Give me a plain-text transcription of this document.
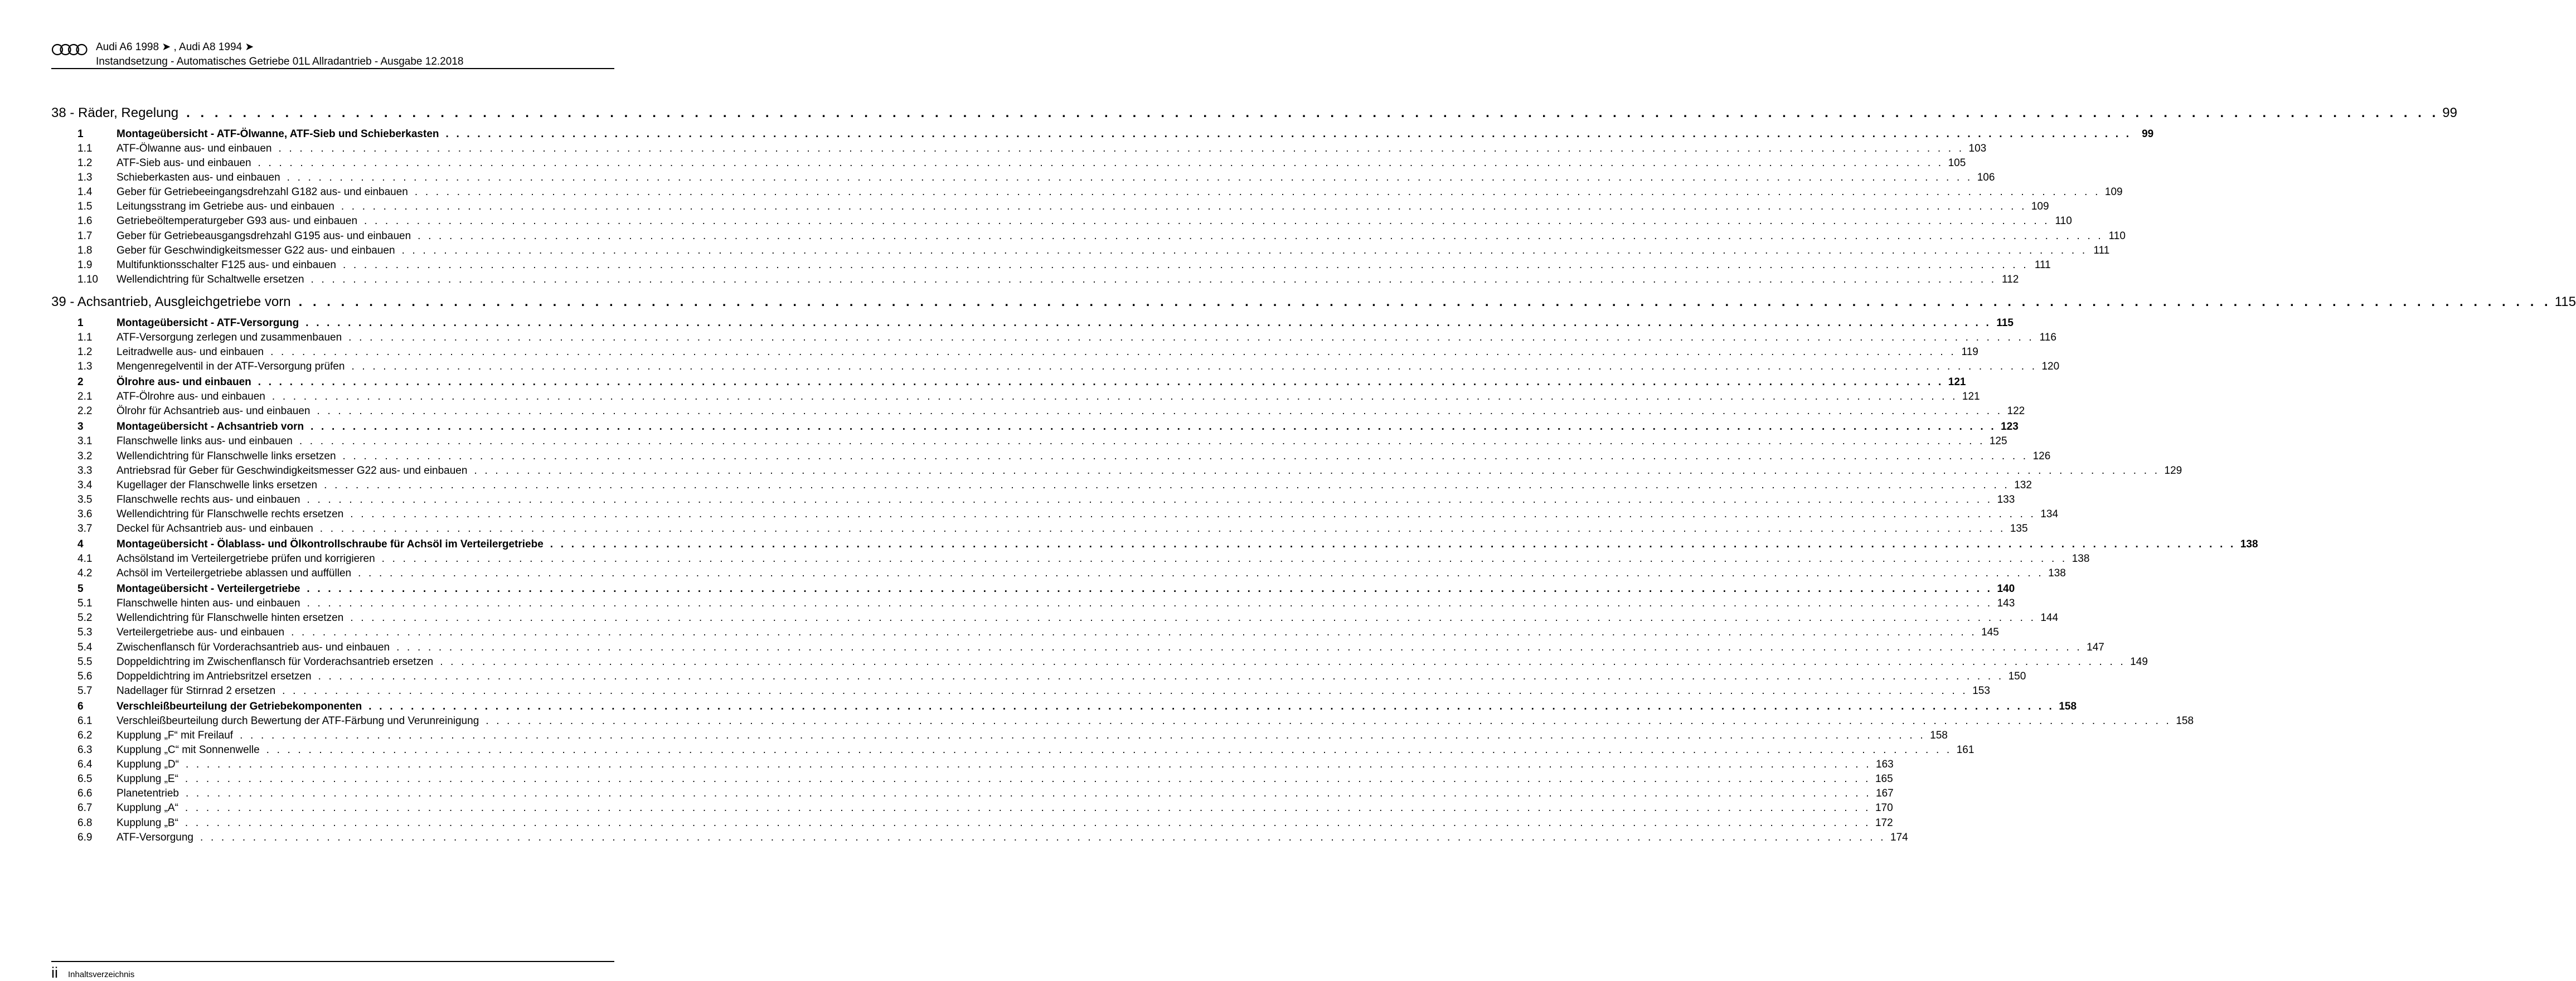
Audi A6 1998 ➤ , Audi A8 1994 ➤
Instandsetzung - Automatisches Getriebe 01L Allradantrieb - Ausgabe 12.2018
38 - Räder, Regelung . . . . . . . . . . . . . . . . . . . . . . . . . . . . . . . . . . . . . . . . . . . . . . . . . . . . . . . . . . . . . . . . . . . . . . . . . . . . . . . . . . . . . . . . . . . . . . . . . . . . . . . . . . . . . . . . . . . . . . . . . . . . . . . . . . . . . . . . . . . . . . . . . . . . . . . . . . . . . . . . 99
1	Montageübersicht - ATF-Ölwanne, ATF-Sieb und Schieberkasten . . . . . . . . . . . . . . . . . . . . . . . . . . . . . . . . . . . . . . . . . . . . . . . . . . . . . . . . . . . . . . . . . . . . . . . . . . . . . . . . . . . . . . . . . . . . . . . . . . . . . . . . . . . . . . . . . . . . . . . . . . . . . . . . . . . . . . . . . . . . . . . . . . . . . . . . . . . . . . . . 99
1.1 ATF-Ölwanne aus- und einbauen . . . . . . . . . . . . . . . . . . . . . . . . . . . . . . . . . . . . . . . . . . . . . . . . . . . . . . . . . . . . . . . . . . . . . . . . . . . . . . . . . . . . . . . . . . . . . . . . . . . . . . . . . . . . . . . . . . . . . . . . . . . . . . . . . . . . . . . . . . . . . . . . . . . . . . . . . . . . . . . . 103
1.2 ATF-Sieb aus- und einbauen . . . . . . . . . . . . . . . . . . . . . . . . . . . . . . . . . . . . . . . . . . . . . . . . . . . . . . . . . . . . . . . . . . . . . . . . . . . . . . . . . . . . . . . . . . . . . . . . . . . . . . . . . . . . . . . . . . . . . . . . . . . . . . . . . . . . . . . . . . . . . . . . . . . . . . . . . . . . . . . . 105
1.3 Schieberkasten aus- und einbauen . . . . . . . . . . . . . . . . . . . . . . . . . . . . . . . . . . . . . . . . . . . . . . . . . . . . . . . . . . . . . . . . . . . . . . . . . . . . . . . . . . . . . . . . . . . . . . . . . . . . . . . . . . . . . . . . . . . . . . . . . . . . . . . . . . . . . . . . . . . . . . . . . . . . . . . . . . . . . . . . 106
1.4 Geber für Getriebeeingangsdrehzahl G182 aus- und einbauen . . . . . . . . . . . . . . . . . . . . . . . . . . . . . . . . . . . . . . . . . . . . . . . . . . . . . . . . . . . . . . . . . . . . . . . . . . . . . . . . . . . . . . . . . . . . . . . . . . . . . . . . . . . . . . . . . . . . . . . . . . . . . . . . . . . . . . . . . . . . . . . . . . . . . . . . . . . . . . . . 109
1.5 Leitungsstrang im Getriebe aus- und einbauen . . . . . . . . . . . . . . . . . . . . . . . . . . . . . . . . . . . . . . . . . . . . . . . . . . . . . . . . . . . . . . . . . . . . . . . . . . . . . . . . . . . . . . . . . . . . . . . . . . . . . . . . . . . . . . . . . . . . . . . . . . . . . . . . . . . . . . . . . . . . . . . . . . . . . . . . . . . . . . . . 109
1.6 Getriebeöltemperaturgeber G93 aus- und einbauen . . . . . . . . . . . . . . . . . . . . . . . . . . . . . . . . . . . . . . . . . . . . . . . . . . . . . . . . . . . . . . . . . . . . . . . . . . . . . . . . . . . . . . . . . . . . . . . . . . . . . . . . . . . . . . . . . . . . . . . . . . . . . . . . . . . . . . . . . . . . . . . . . . . . . . . . . . . . . . . . 110
1.7 Geber für Getriebeausgangsdrehzahl G195 aus- und einbauen . . . . . . . . . . . . . . . . . . . . . . . . . . . . . . . . . . . . . . . . . . . . . . . . . . . . . . . . . . . . . . . . . . . . . . . . . . . . . . . . . . . . . . . . . . . . . . . . . . . . . . . . . . . . . . . . . . . . . . . . . . . . . . . . . . . . . . . . . . . . . . . . . . . . . . . . . . . . . . . . 110
1.8 Geber für Geschwindigkeitsmesser G22 aus- und einbauen . . . . . . . . . . . . . . . . . . . . . . . . . . . . . . . . . . . . . . . . . . . . . . . . . . . . . . . . . . . . . . . . . . . . . . . . . . . . . . . . . . . . . . . . . . . . . . . . . . . . . . . . . . . . . . . . . . . . . . . . . . . . . . . . . . . . . . . . . . . . . . . . . . . . . . . . . . . . . . . . 111
1.9 Multifunktionsschalter F125 aus- und einbauen . . . . . . . . . . . . . . . . . . . . . . . . . . . . . . . . . . . . . . . . . . . . . . . . . . . . . . . . . . . . . . . . . . . . . . . . . . . . . . . . . . . . . . . . . . . . . . . . . . . . . . . . . . . . . . . . . . . . . . . . . . . . . . . . . . . . . . . . . . . . . . . . . . . . . . . . . . . . . . . . 111
1.10 Wellendichtring für Schaltwelle ersetzen . . . . . . . . . . . . . . . . . . . . . . . . . . . . . . . . . . . . . . . . . . . . . . . . . . . . . . . . . . . . . . . . . . . . . . . . . . . . . . . . . . . . . . . . . . . . . . . . . . . . . . . . . . . . . . . . . . . . . . . . . . . . . . . . . . . . . . . . . . . . . . . . . . . . . . . . . . . . . . . . 112
39 - Achsantrieb, Ausgleichgetriebe vorn . . . . . . . . . . . . . . . . . . . . . . . . . . . . . . . . . . . . . . . . . . . . . . . . . . . . . . . . . . . . . . . . . . . . . . . . . . . . . . . . . . . . . . . . . . . . . . . . . . . . . . . . . . . . . . . . . . . . . . . . . . . . . . . . . . . . . . . . . . . . . . . . . . . . . . . . . . . . . . . . 115
1	Montageübersicht - ATF-Versorgung . . . . . . . . . . . . . . . . . . . . . . . . . . . . . . . . . . . . . . . . . . . . . . . . . . . . . . . . . . . . . . . . . . . . . . . . . . . . . . . . . . . . . . . . . . . . . . . . . . . . . . . . . . . . . . . . . . . . . . . . . . . . . . . . . . . . . . . . . . . . . . . . . . . . . . . . . . . . . . . . 115
1.1 ATF-Versorgung zerlegen und zusammenbauen . . . . . . . . . . . . . . . . . . . . . . . . . . . . . . . . . . . . . . . . . . . . . . . . . . . . . . . . . . . . . . . . . . . . . . . . . . . . . . . . . . . . . . . . . . . . . . . . . . . . . . . . . . . . . . . . . . . . . . . . . . . . . . . . . . . . . . . . . . . . . . . . . . . . . . . . . . . . . . . . 116
1.2 Leitradwelle aus- und einbauen . . . . . . . . . . . . . . . . . . . . . . . . . . . . . . . . . . . . . . . . . . . . . . . . . . . . . . . . . . . . . . . . . . . . . . . . . . . . . . . . . . . . . . . . . . . . . . . . . . . . . . . . . . . . . . . . . . . . . . . . . . . . . . . . . . . . . . . . . . . . . . . . . . . . . . . . . . . . . . . . 119
1.3 Mengenregelventil in der ATF-Versorgung prüfen . . . . . . . . . . . . . . . . . . . . . . . . . . . . . . . . . . . . . . . . . . . . . . . . . . . . . . . . . . . . . . . . . . . . . . . . . . . . . . . . . . . . . . . . . . . . . . . . . . . . . . . . . . . . . . . . . . . . . . . . . . . . . . . . . . . . . . . . . . . . . . . . . . . . . . . . . . . . . . . . 120
2	Ölrohre aus- und einbauen . . . . . . . . . . . . . . . . . . . . . . . . . . . . . . . . . . . . . . . . . . . . . . . . . . . . . . . . . . . . . . . . . . . . . . . . . . . . . . . . . . . . . . . . . . . . . . . . . . . . . . . . . . . . . . . . . . . . . . . . . . . . . . . . . . . . . . . . . . . . . . . . . . . . . . . . . . . . . . . . 121
2.1 ATF-Ölrohre aus- und einbauen . . . . . . . . . . . . . . . . . . . . . . . . . . . . . . . . . . . . . . . . . . . . . . . . . . . . . . . . . . . . . . . . . . . . . . . . . . . . . . . . . . . . . . . . . . . . . . . . . . . . . . . . . . . . . . . . . . . . . . . . . . . . . . . . . . . . . . . . . . . . . . . . . . . . . . . . . . . . . . . . 121
2.2 Ölrohr für Achsantrieb aus- und einbauen . . . . . . . . . . . . . . . . . . . . . . . . . . . . . . . . . . . . . . . . . . . . . . . . . . . . . . . . . . . . . . . . . . . . . . . . . . . . . . . . . . . . . . . . . . . . . . . . . . . . . . . . . . . . . . . . . . . . . . . . . . . . . . . . . . . . . . . . . . . . . . . . . . . . . . . . . . . . . . . . 122
3	Montageübersicht - Achsantrieb vorn . . . . . . . . . . . . . . . . . . . . . . . . . . . . . . . . . . . . . . . . . . . . . . . . . . . . . . . . . . . . . . . . . . . . . . . . . . . . . . . . . . . . . . . . . . . . . . . . . . . . . . . . . . . . . . . . . . . . . . . . . . . . . . . . . . . . . . . . . . . . . . . . . . . . . . . . . . . . . . . . 123
3.1 Flanschwelle links aus- und einbauen . . . . . . . . . . . . . . . . . . . . . . . . . . . . . . . . . . . . . . . . . . . . . . . . . . . . . . . . . . . . . . . . . . . . . . . . . . . . . . . . . . . . . . . . . . . . . . . . . . . . . . . . . . . . . . . . . . . . . . . . . . . . . . . . . . . . . . . . . . . . . . . . . . . . . . . . . . . . . . . . 125
3.2 Wellendichtring für Flanschwelle links ersetzen . . . . . . . . . . . . . . . . . . . . . . . . . . . . . . . . . . . . . . . . . . . . . . . . . . . . . . . . . . . . . . . . . . . . . . . . . . . . . . . . . . . . . . . . . . . . . . . . . . . . . . . . . . . . . . . . . . . . . . . . . . . . . . . . . . . . . . . . . . . . . . . . . . . . . . . . . . . . . . . . 126
3.3 Antriebsrad für Geber für Geschwindigkeitsmesser G22 aus- und einbauen . . . . . . . . . . . . . . . . . . . . . . . . . . . . . . . . . . . . . . . . . . . . . . . . . . . . . . . . . . . . . . . . . . . . . . . . . . . . . . . . . . . . . . . . . . . . . . . . . . . . . . . . . . . . . . . . . . . . . . . . . . . . . . . . . . . . . . . . . . . . . . . . . . . . . . . . . . . . . . . . 129
3.4 Kugellager der Flanschwelle links ersetzen . . . . . . . . . . . . . . . . . . . . . . . . . . . . . . . . . . . . . . . . . . . . . . . . . . . . . . . . . . . . . . . . . . . . . . . . . . . . . . . . . . . . . . . . . . . . . . . . . . . . . . . . . . . . . . . . . . . . . . . . . . . . . . . . . . . . . . . . . . . . . . . . . . . . . . . . . . . . . . . . 132
3.5 Flanschwelle rechts aus- und einbauen . . . . . . . . . . . . . . . . . . . . . . . . . . . . . . . . . . . . . . . . . . . . . . . . . . . . . . . . . . . . . . . . . . . . . . . . . . . . . . . . . . . . . . . . . . . . . . . . . . . . . . . . . . . . . . . . . . . . . . . . . . . . . . . . . . . . . . . . . . . . . . . . . . . . . . . . . . . . . . . . 133
3.6 Wellendichtring für Flanschwelle rechts ersetzen . . . . . . . . . . . . . . . . . . . . . . . . . . . . . . . . . . . . . . . . . . . . . . . . . . . . . . . . . . . . . . . . . . . . . . . . . . . . . . . . . . . . . . . . . . . . . . . . . . . . . . . . . . . . . . . . . . . . . . . . . . . . . . . . . . . . . . . . . . . . . . . . . . . . . . . . . . . . . . . . 134
3.7 Deckel für Achsantrieb aus- und einbauen . . . . . . . . . . . . . . . . . . . . . . . . . . . . . . . . . . . . . . . . . . . . . . . . . . . . . . . . . . . . . . . . . . . . . . . . . . . . . . . . . . . . . . . . . . . . . . . . . . . . . . . . . . . . . . . . . . . . . . . . . . . . . . . . . . . . . . . . . . . . . . . . . . . . . . . . . . . . . . . . 135
4	Montageübersicht - Ölablass- und Ölkontrollschraube für Achsöl im Verteilergetriebe . . . . . . . . . . . . . . . . . . . . . . . . . . . . . . . . . . . . . . . . . . . . . . . . . . . . . . . . . . . . . . . . . . . . . . . . . . . . . . . . . . . . . . . . . . . . . . . . . . . . . . . . . . . . . . . . . . . . . . . . . . . . . . . . . . . . . . . . . . . . . . . . . . . . . . . . . . . . . . . . 138
4.1 Achsölstand im Verteilergetriebe prüfen und korrigieren . . . . . . . . . . . . . . . . . . . . . . . . . . . . . . . . . . . . . . . . . . . . . . . . . . . . . . . . . . . . . . . . . . . . . . . . . . . . . . . . . . . . . . . . . . . . . . . . . . . . . . . . . . . . . . . . . . . . . . . . . . . . . . . . . . . . . . . . . . . . . . . . . . . . . . . . . . . . . . . . 138
4.2 Achsöl im Verteilergetriebe ablassen und auffüllen . . . . . . . . . . . . . . . . . . . . . . . . . . . . . . . . . . . . . . . . . . . . . . . . . . . . . . . . . . . . . . . . . . . . . . . . . . . . . . . . . . . . . . . . . . . . . . . . . . . . . . . . . . . . . . . . . . . . . . . . . . . . . . . . . . . . . . . . . . . . . . . . . . . . . . . . . . . . . . . . 138
5	Montageübersicht - Verteilergetriebe . . . . . . . . . . . . . . . . . . . . . . . . . . . . . . . . . . . . . . . . . . . . . . . . . . . . . . . . . . . . . . . . . . . . . . . . . . . . . . . . . . . . . . . . . . . . . . . . . . . . . . . . . . . . . . . . . . . . . . . . . . . . . . . . . . . . . . . . . . . . . . . . . . . . . . . . . . . . . . . . 140
5.1 Flanschwelle hinten aus- und einbauen . . . . . . . . . . . . . . . . . . . . . . . . . . . . . . . . . . . . . . . . . . . . . . . . . . . . . . . . . . . . . . . . . . . . . . . . . . . . . . . . . . . . . . . . . . . . . . . . . . . . . . . . . . . . . . . . . . . . . . . . . . . . . . . . . . . . . . . . . . . . . . . . . . . . . . . . . . . . . . . . 143
5.2 Wellendichtring für Flanschwelle hinten ersetzen . . . . . . . . . . . . . . . . . . . . . . . . . . . . . . . . . . . . . . . . . . . . . . . . . . . . . . . . . . . . . . . . . . . . . . . . . . . . . . . . . . . . . . . . . . . . . . . . . . . . . . . . . . . . . . . . . . . . . . . . . . . . . . . . . . . . . . . . . . . . . . . . . . . . . . . . . . . . . . . . 144
5.3 Verteilergetriebe aus- und einbauen . . . . . . . . . . . . . . . . . . . . . . . . . . . . . . . . . . . . . . . . . . . . . . . . . . . . . . . . . . . . . . . . . . . . . . . . . . . . . . . . . . . . . . . . . . . . . . . . . . . . . . . . . . . . . . . . . . . . . . . . . . . . . . . . . . . . . . . . . . . . . . . . . . . . . . . . . . . . . . . . 145
5.4 Zwischenflansch für Vorderachsantrieb aus- und einbauen . . . . . . . . . . . . . . . . . . . . . . . . . . . . . . . . . . . . . . . . . . . . . . . . . . . . . . . . . . . . . . . . . . . . . . . . . . . . . . . . . . . . . . . . . . . . . . . . . . . . . . . . . . . . . . . . . . . . . . . . . . . . . . . . . . . . . . . . . . . . . . . . . . . . . . . . . . . . . . . . 147
5.5 Doppeldichtring im Zwischenflansch für Vorderachsantrieb ersetzen . . . . . . . . . . . . . . . . . . . . . . . . . . . . . . . . . . . . . . . . . . . . . . . . . . . . . . . . . . . . . . . . . . . . . . . . . . . . . . . . . . . . . . . . . . . . . . . . . . . . . . . . . . . . . . . . . . . . . . . . . . . . . . . . . . . . . . . . . . . . . . . . . . . . . . . . . . . . . . . . 149
5.6 Doppeldichtring im Antriebsritzel ersetzen . . . . . . . . . . . . . . . . . . . . . . . . . . . . . . . . . . . . . . . . . . . . . . . . . . . . . . . . . . . . . . . . . . . . . . . . . . . . . . . . . . . . . . . . . . . . . . . . . . . . . . . . . . . . . . . . . . . . . . . . . . . . . . . . . . . . . . . . . . . . . . . . . . . . . . . . . . . . . . . . 150
5.7 Nadellager für Stirnrad 2 ersetzen . . . . . . . . . . . . . . . . . . . . . . . . . . . . . . . . . . . . . . . . . . . . . . . . . . . . . . . . . . . . . . . . . . . . . . . . . . . . . . . . . . . . . . . . . . . . . . . . . . . . . . . . . . . . . . . . . . . . . . . . . . . . . . . . . . . . . . . . . . . . . . . . . . . . . . . . . . . . . . . . 153
6	Verschleißbeurteilung der Getriebekomponenten . . . . . . . . . . . . . . . . . . . . . . . . . . . . . . . . . . . . . . . . . . . . . . . . . . . . . . . . . . . . . . . . . . . . . . . . . . . . . . . . . . . . . . . . . . . . . . . . . . . . . . . . . . . . . . . . . . . . . . . . . . . . . . . . . . . . . . . . . . . . . . . . . . . . . . . . . . . . . . . . 158
6.1 Verschleißbeurteilung durch Bewertung der ATF-Färbung und Verunreinigung . . . . . . . . . . . . . . . . . . . . . . . . . . . . . . . . . . . . . . . . . . . . . . . . . . . . . . . . . . . . . . . . . . . . . . . . . . . . . . . . . . . . . . . . . . . . . . . . . . . . . . . . . . . . . . . . . . . . . . . . . . . . . . . . . . . . . . . . . . . . . . . . . . . . . . . . . . . . . . . . 158
6.2 Kupplung „F“ mit Freilauf . . . . . . . . . . . . . . . . . . . . . . . . . . . . . . . . . . . . . . . . . . . . . . . . . . . . . . . . . . . . . . . . . . . . . . . . . . . . . . . . . . . . . . . . . . . . . . . . . . . . . . . . . . . . . . . . . . . . . . . . . . . . . . . . . . . . . . . . . . . . . . . . . . . . . . . . . . . . . . . . 158
6.3 Kupplung „C“ mit Sonnenwelle . . . . . . . . . . . . . . . . . . . . . . . . . . . . . . . . . . . . . . . . . . . . . . . . . . . . . . . . . . . . . . . . . . . . . . . . . . . . . . . . . . . . . . . . . . . . . . . . . . . . . . . . . . . . . . . . . . . . . . . . . . . . . . . . . . . . . . . . . . . . . . . . . . . . . . . . . . . . . . . . 161
6.4 Kupplung „D“ . . . . . . . . . . . . . . . . . . . . . . . . . . . . . . . . . . . . . . . . . . . . . . . . . . . . . . . . . . . . . . . . . . . . . . . . . . . . . . . . . . . . . . . . . . . . . . . . . . . . . . . . . . . . . . . . . . . . . . . . . . . . . . . . . . . . . . . . . . . . . . . . . . . . . . . . . . . . . . . . 163
6.5 Kupplung „E“ . . . . . . . . . . . . . . . . . . . . . . . . . . . . . . . . . . . . . . . . . . . . . . . . . . . . . . . . . . . . . . . . . . . . . . . . . . . . . . . . . . . . . . . . . . . . . . . . . . . . . . . . . . . . . . . . . . . . . . . . . . . . . . . . . . . . . . . . . . . . . . . . . . . . . . . . . . . . . . . . 165
6.6 Planetentrieb . . . . . . . . . . . . . . . . . . . . . . . . . . . . . . . . . . . . . . . . . . . . . . . . . . . . . . . . . . . . . . . . . . . . . . . . . . . . . . . . . . . . . . . . . . . . . . . . . . . . . . . . . . . . . . . . . . . . . . . . . . . . . . . . . . . . . . . . . . . . . . . . . . . . . . . . . . . . . . . . 167
6.7 Kupplung „A“ . . . . . . . . . . . . . . . . . . . . . . . . . . . . . . . . . . . . . . . . . . . . . . . . . . . . . . . . . . . . . . . . . . . . . . . . . . . . . . . . . . . . . . . . . . . . . . . . . . . . . . . . . . . . . . . . . . . . . . . . . . . . . . . . . . . . . . . . . . . . . . . . . . . . . . . . . . . . . . . . 170
6.8 Kupplung „B“ . . . . . . . . . . . . . . . . . . . . . . . . . . . . . . . . . . . . . . . . . . . . . . . . . . . . . . . . . . . . . . . . . . . . . . . . . . . . . . . . . . . . . . . . . . . . . . . . . . . . . . . . . . . . . . . . . . . . . . . . . . . . . . . . . . . . . . . . . . . . . . . . . . . . . . . . . . . . . . . . 172
6.9 ATF-Versorgung . . . . . . . . . . . . . . . . . . . . . . . . . . . . . . . . . . . . . . . . . . . . . . . . . . . . . . . . . . . . . . . . . . . . . . . . . . . . . . . . . . . . . . . . . . . . . . . . . . . . . . . . . . . . . . . . . . . . . . . . . . . . . . . . . . . . . . . . . . . . . . . . . . . . . . . . . . . . . . . . 174
ii Inhaltsverzeichnis
